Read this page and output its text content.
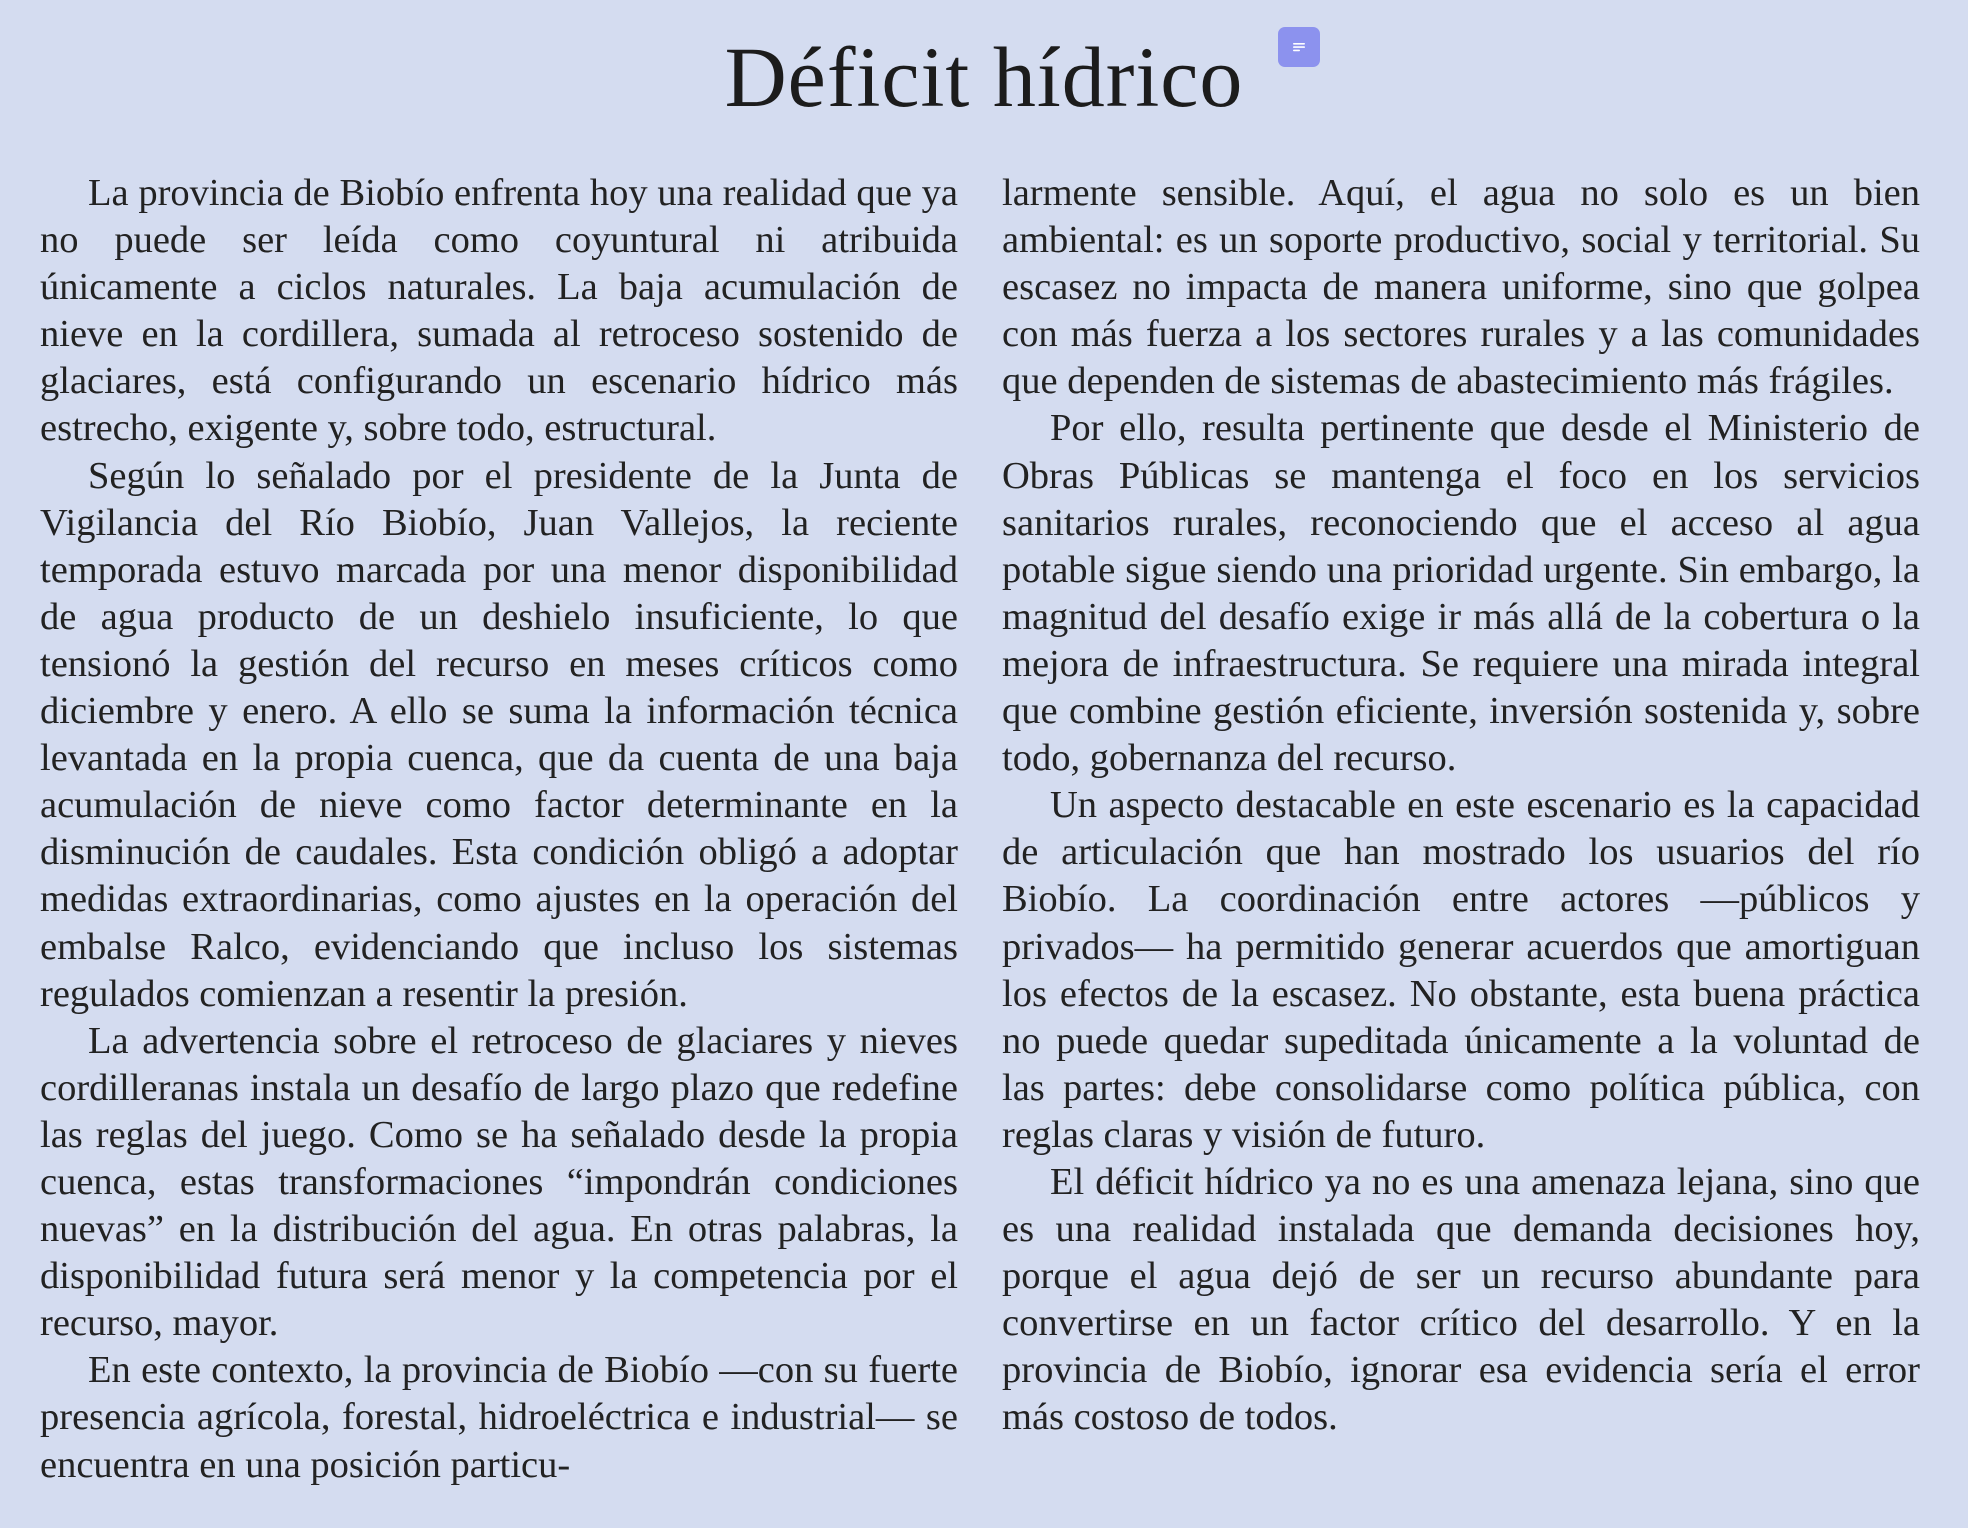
Déficit hídrico

La provincia de Biobío enfrenta hoy una realidad que ya no puede ser leída como coyuntural ni atribuida únicamente a ciclos naturales. La baja acumulación de nieve en la cordillera, sumada al retroceso sostenido de glaciares, está configurando un escenario hídrico más estrecho, exigente y, sobre todo, estructural.

Según lo señalado por el presidente de la Junta de Vigilancia del Río Biobío, Juan Vallejos, la reciente temporada estuvo marcada por una menor disponibilidad de agua producto de un deshielo insuficiente, lo que tensionó la gestión del recurso en meses críticos como diciembre y enero. A ello se suma la información técnica levantada en la propia cuenca, que da cuenta de una baja acumulación de nieve como factor determinante en la disminución de caudales. Esta condición obligó a adoptar medidas extraordinarias, como ajustes en la operación del embalse Ralco, evidenciando que incluso los sistemas regulados comienzan a resentir la presión.

La advertencia sobre el retroceso de glaciares y nieves cordilleranas instala un desafío de largo plazo que redefine las reglas del juego. Como se ha señalado desde la propia cuenca, estas transformaciones “impondrán condiciones nuevas” en la distribución del agua. En otras palabras, la disponibilidad futura será menor y la competencia por el recurso, mayor.

En este contexto, la provincia de Biobío —con su fuerte presencia agrícola, forestal, hidroeléctrica e industrial— se encuentra en una posición particu-

larmente sensible. Aquí, el agua no solo es un bien ambiental: es un soporte productivo, social y territorial. Su escasez no impacta de manera uniforme, sino que golpea con más fuerza a los sectores rurales y a las comunidades que dependen de sistemas de abastecimiento más frágiles.

Por ello, resulta pertinente que desde el Ministerio de Obras Públicas se mantenga el foco en los servicios sanitarios rurales, reconociendo que el acceso al agua potable sigue siendo una prioridad urgente. Sin embargo, la magnitud del desafío exige ir más allá de la cobertura o la mejora de infraestructura. Se requiere una mirada integral que combine gestión eficiente, inversión sostenida y, sobre todo, gobernanza del recurso.

Un aspecto destacable en este escenario es la capacidad de articulación que han mostrado los usuarios del río Biobío. La coordinación entre actores —públicos y privados— ha permitido generar acuerdos que amortiguan los efectos de la escasez. No obstante, esta buena práctica no puede quedar supeditada únicamente a la voluntad de las partes: debe consolidarse como política pública, con reglas claras y visión de futuro.

El déficit hídrico ya no es una amenaza lejana, sino que es una realidad instalada que demanda decisiones hoy, porque el agua dejó de ser un recurso abundante para convertirse en un factor crítico del desarrollo. Y en la provincia de Biobío, ignorar esa evidencia sería el error más costoso de todos.
